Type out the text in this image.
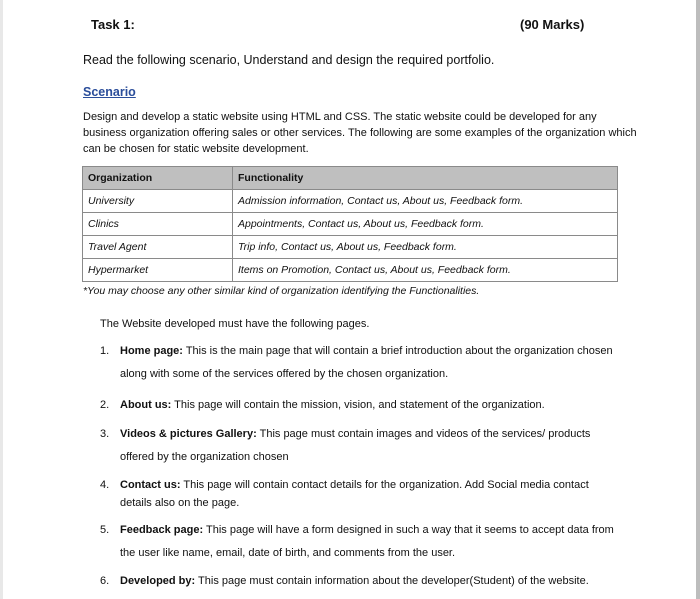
Task 1:	(90 Marks)
Read the following scenario, Understand and design the required portfolio.
Scenario
Design and develop a static website using HTML and CSS. The static website could be developed for any business organization offering sales or other services. The following are some examples of the organization which can be chosen for static website development.
Organization	Functionality
University	Admission information, Contact us, About us, Feedback form.
Clinics	Appointments, Contact us, About us, Feedback form.
Travel Agent	Trip info, Contact us, About us, Feedback form.
Hypermarket	Items on Promotion, Contact us, About us, Feedback form.
*You may choose any other similar kind of organization identifying the Functionalities.
The Website developed must have the following pages.
1. Home page: This is the main page that will contain a brief introduction about the organization chosen along with some of the services offered by the chosen organization.
2. About us: This page will contain the mission, vision, and statement of the organization.
3. Videos & pictures Gallery: This page must contain images and videos of the services/ products offered by the organization chosen
4. Contact us: This page will contain contact details for the organization. Add Social media contact details also on the page.
5. Feedback page: This page will have a form designed in such a way that it seems to accept data from the user like name, email, date of birth, and comments from the user.
6. Developed by: This page must contain information about the developer(Student) of the website.
